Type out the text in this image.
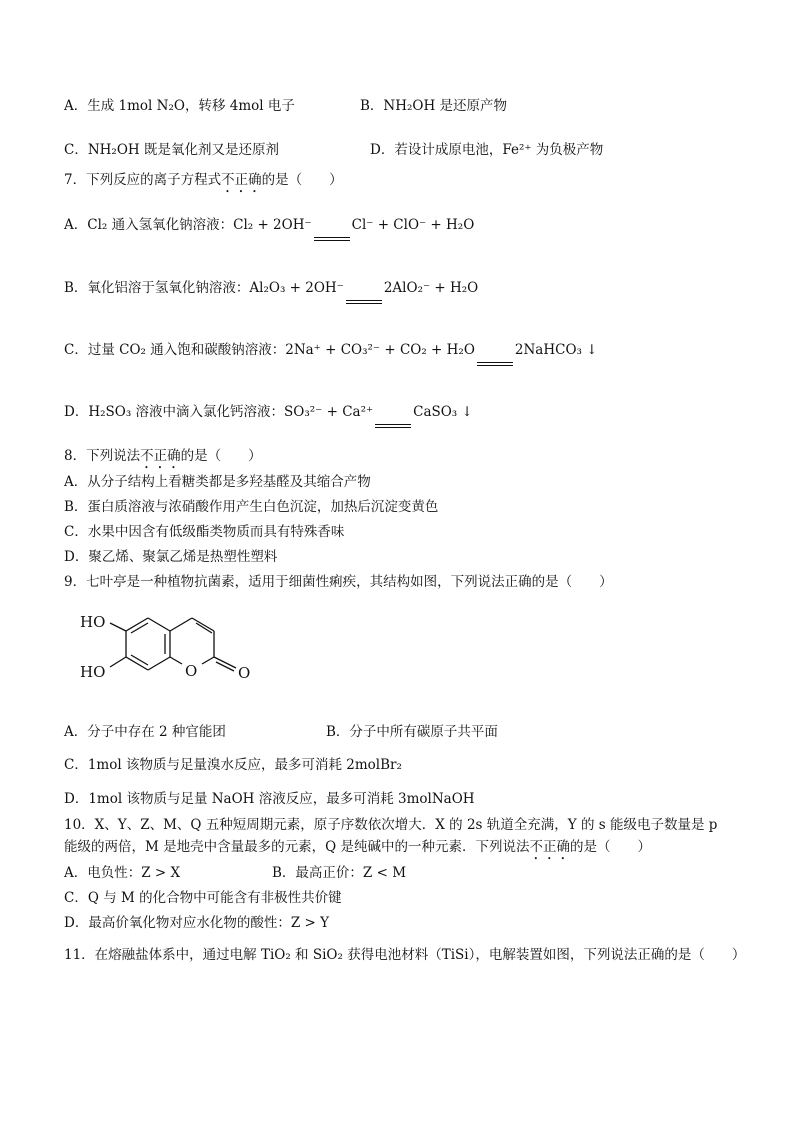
A．生成 1mol N₂O，转移 4mol 电子	B．NH₂OH 是还原产物
C．NH₂OH 既是氧化剂又是还原剂	D．若设计成原电池，Fe²⁺ 为负极产物
7．下列反应的离子方程式不正确的是（　　）
A．Cl₂ 通入氢氧化钠溶液：Cl₂ + 2OH⁻	Cl⁻ + ClO⁻ + H₂O
B．氧化铝溶于氢氧化钠溶液：Al₂O₃ + 2OH⁻	2AlO₂⁻ + H₂O
C．过量 CO₂ 通入饱和碳酸钠溶液：2Na⁺ + CO₃²⁻ + CO₂ + H₂O	2NaHCO₃ ↓
D．H₂SO₃ 溶液中滴入氯化钙溶液：SO₃²⁻ + Ca²⁺	CaSO₃ ↓
8．下列说法不正确的是（　　）
A．从分子结构上看糖类都是多羟基醛及其缩合产物
B．蛋白质溶液与浓硝酸作用产生白色沉淀，加热后沉淀变黄色
C．水果中因含有低级酯类物质而具有特殊香味
D．聚乙烯、聚氯乙烯是热塑性塑料
9．七叶亭是一种植物抗菌素，适用于细菌性痢疾，其结构如图，下列说法正确的是（　　）
HO
HO	O	O
A．分子中存在 2 种官能团	B．分子中所有碳原子共平面
C．1mol 该物质与足量溴水反应，最多可消耗 2molBr₂
D．1mol 该物质与足量 NaOH 溶液反应，最多可消耗 3molNaOH
10．X、Y、Z、M、Q 五种短周期元素，原子序数依次增大．X 的 2s 轨道全充满，Y 的 s 能级电子数量是 p
能级的两倍，M 是地壳中含量最多的元素，Q 是纯碱中的一种元素．下列说法不正确的是（　　）
A．电负性：Z > X	B．最高正价：Z < M
C．Q 与 M 的化合物中可能含有非极性共价键
D．最高价氧化物对应水化物的酸性：Z > Y
11．在熔融盐体系中，通过电解 TiO₂ 和 SiO₂ 获得电池材料（TiSi），电解装置如图，下列说法正确的是（　　）
